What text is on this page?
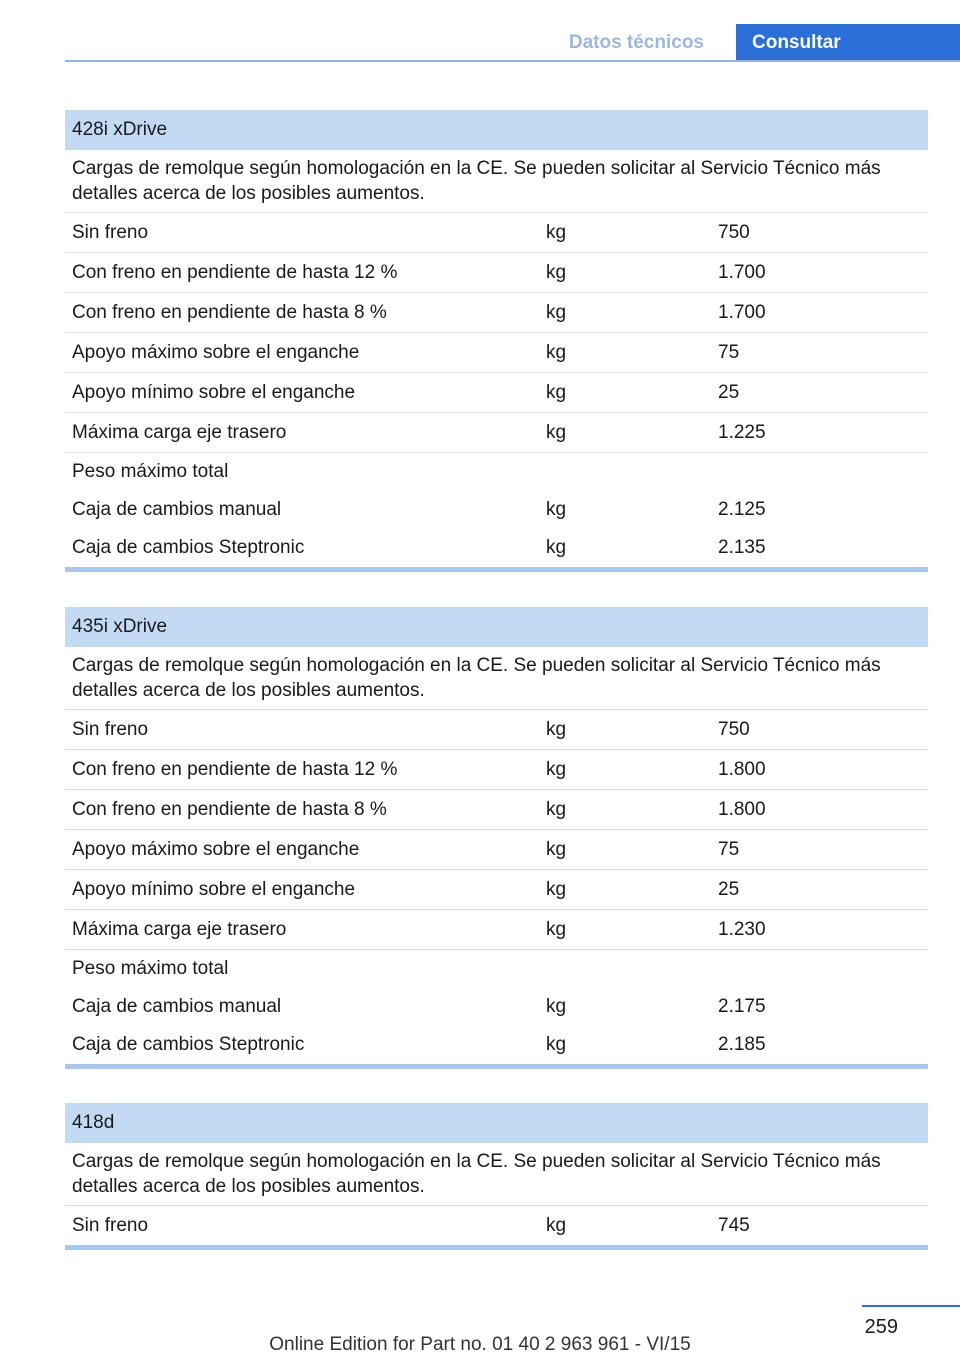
Datos técnicos	Consultar
428i xDrive
Cargas de remolque según homologación en la CE. Se pueden solicitar al Servicio Técnico más detalles acerca de los posibles aumentos.
Sin freno	kg	750
Con freno en pendiente de hasta 12 %	kg	1.700
Con freno en pendiente de hasta 8 %	kg	1.700
Apoyo máximo sobre el enganche	kg	75
Apoyo mínimo sobre el enganche	kg	25
Máxima carga eje trasero	kg	1.225
Peso máximo total
Caja de cambios manual	kg	2.125
Caja de cambios Steptronic	kg	2.135
435i xDrive
Cargas de remolque según homologación en la CE. Se pueden solicitar al Servicio Técnico más detalles acerca de los posibles aumentos.
Sin freno	kg	750
Con freno en pendiente de hasta 12 %	kg	1.800
Con freno en pendiente de hasta 8 %	kg	1.800
Apoyo máximo sobre el enganche	kg	75
Apoyo mínimo sobre el enganche	kg	25
Máxima carga eje trasero	kg	1.230
Peso máximo total
Caja de cambios manual	kg	2.175
Caja de cambios Steptronic	kg	2.185
418d
Cargas de remolque según homologación en la CE. Se pueden solicitar al Servicio Técnico más detalles acerca de los posibles aumentos.
Sin freno	kg	745
259
Online Edition for Part no. 01 40 2 963 961 - VI/15
